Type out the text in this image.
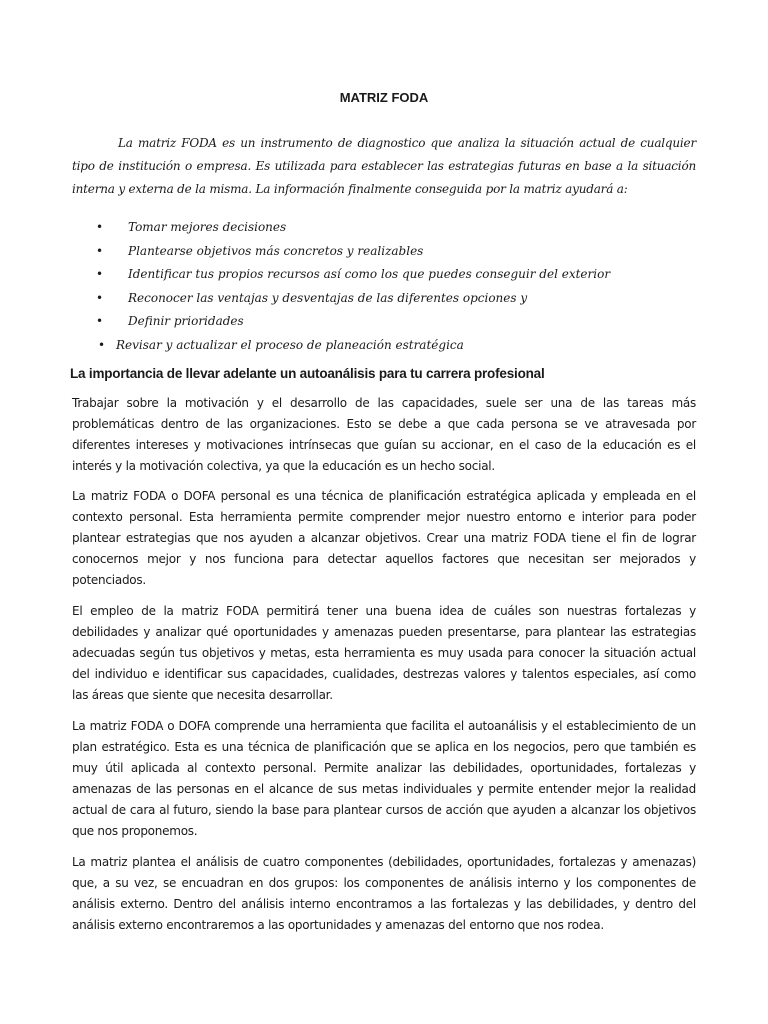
MATRIZ FODA

La matriz FODA es un instrumento de diagnostico que analiza la situación actual de cualquier tipo de institución o empresa. Es utilizada para establecer las estrategias futuras en base a la situación interna y externa de la misma. La información finalmente conseguida por la matriz ayudará a:

• Tomar mejores decisiones
• Plantearse objetivos más concretos y realizables
• Identificar tus propios recursos así como los que puedes conseguir del exterior
• Reconocer las ventajas y desventajas de las diferentes opciones y
• Definir prioridades
• Revisar y actualizar el proceso de planeación estratégica
La importancia de llevar adelante un autoanálisis para tu carrera profesional

Trabajar sobre la motivación y el desarrollo de las capacidades, suele ser una de las tareas más problemáticas dentro de las organizaciones. Esto se debe a que cada persona se ve atravesada por diferentes intereses y motivaciones intrínsecas que guían su accionar, en el caso de la educación es el interés y la motivación colectiva, ya que la educación es un hecho social.

La matriz FODA o DOFA personal es una técnica de planificación estratégica aplicada y empleada en el contexto personal. Esta herramienta permite comprender mejor nuestro entorno e interior para poder plantear estrategias que nos ayuden a alcanzar objetivos. Crear una matriz FODA tiene el fin de lograr conocernos mejor y nos funciona para detectar aquellos factores que necesitan ser mejorados y potenciados.

El empleo de la matriz FODA permitirá tener una buena idea de cuáles son nuestras fortalezas y debilidades y analizar qué oportunidades y amenazas pueden presentarse, para plantear las estrategias adecuadas según tus objetivos y metas, esta herramienta es muy usada para conocer la situación actual del individuo e identificar sus capacidades, cualidades, destrezas valores y talentos especiales, así como las áreas que siente que necesita desarrollar.

La matriz FODA o DOFA comprende una herramienta que facilita el autoanálisis y el establecimiento de un plan estratégico. Esta es una técnica de planificación que se aplica en los negocios, pero que también es muy útil aplicada al contexto personal. Permite analizar las debilidades, oportunidades, fortalezas y amenazas de las personas en el alcance de sus metas individuales y permite entender mejor la realidad actual de cara al futuro, siendo la base para plantear cursos de acción que ayuden a alcanzar los objetivos que nos proponemos.

La matriz plantea el análisis de cuatro componentes (debilidades, oportunidades, fortalezas y amenazas) que, a su vez, se encuadran en dos grupos: los componentes de análisis interno y los componentes de análisis externo. Dentro del análisis interno encontramos a las fortalezas y las debilidades, y dentro del análisis externo encontraremos a las oportunidades y amenazas del entorno que nos rodea.
